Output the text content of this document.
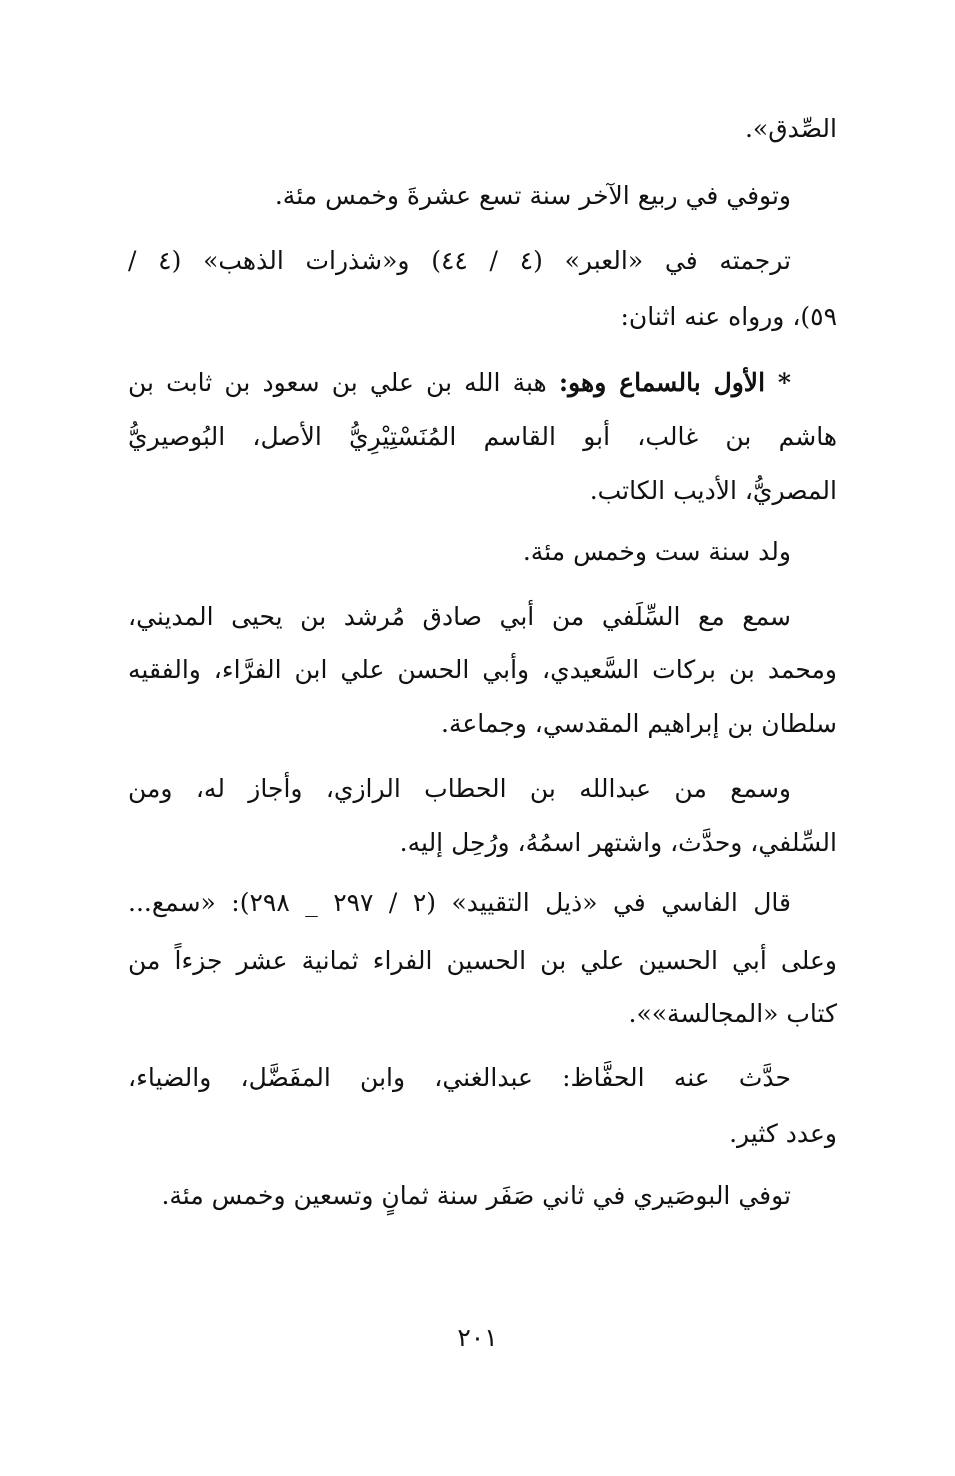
الصِّدق».
وتوفي في ربيع الآخر سنة تسع عشرةَ وخمس مئة.
ترجمته في «العبر» (٤ / ٤٤) و«شذرات الذهب» (٤ /
٥٩)، ورواه عنه اثنان:
* الأول بالسماع وهو: هبة الله بن علي بن سعود بن ثابت بن
هاشم بن غالب، أبو القاسم المُنَسْتِيْرِيُّ الأصل، البُوصيريُّ
المصريُّ، الأديب الكاتب.
ولد سنة ست وخمس مئة.
سمع مع السِّلَفي من أبي صادق مُرشد بن يحيى المديني،
ومحمد بن بركات السَّعيدي، وأبي الحسن علي ابن الفرَّاء، والفقيه
سلطان بن إبراهيم المقدسي، وجماعة.
وسمع من عبدالله بن الحطاب الرازي، وأجاز له، ومن
السِّلفي، وحدَّث، واشتهر اسمُهُ، ورُحِل إليه.
قال الفاسي في «ذيل التقييد» (٢ / ٢٩٧ _ ٢٩٨): «سمع...
وعلى أبي الحسين علي بن الحسين الفراء ثمانية عشر جزءاً من
كتاب «المجالسة»».
حدَّث عنه الحفَّاظ: عبدالغني، وابن المفَضَّل، والضياء،
وعدد كثير.
توفي البوصَيري في ثاني صَفَر سنة ثمانٍ وتسعين وخمس مئة.
٢٠١
